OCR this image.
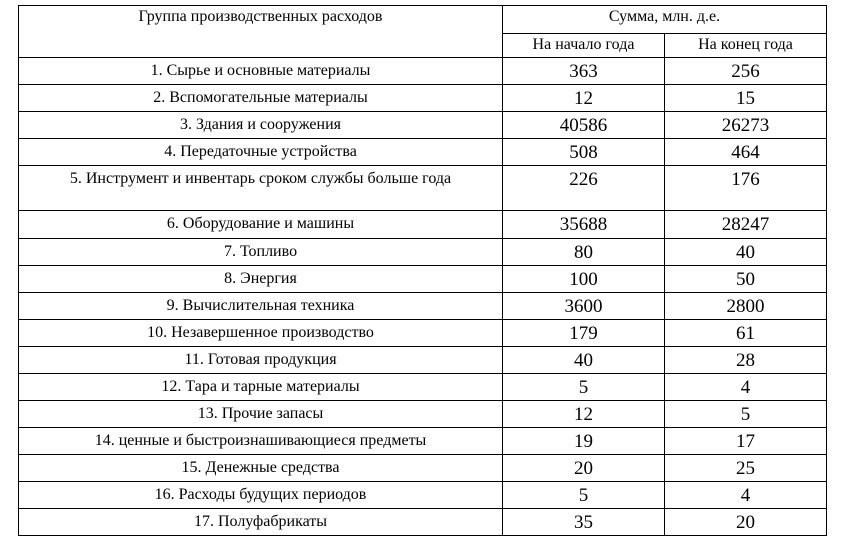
Группа производственных расходов	Сумма, млн. д.е.	
	На начало года	На конец года
1. Сырье и основные материалы	363	256
2. Вспомогательные материалы	12	15
3. Здания и сооружения	40586	26273
4. Передаточные устройства	508	464
5. Инструмент и инвентарь сроком службы больше года	226	176
6. Оборудование и машины	35688	28247
7. Топливо	80	40
8. Энергия	100	50
9. Вычислительная техника	3600	2800
10. Незавершенное производство	179	61
11. Готовая продукция	40	28
12. Тара и тарные материалы	5	4
13. Прочие запасы	12	5
14. ценные и быстроизнашивающиеся предметы	19	17
15. Денежные средства	20	25
16. Расходы будущих периодов	5	4
17. Полуфабрикаты	35	20
